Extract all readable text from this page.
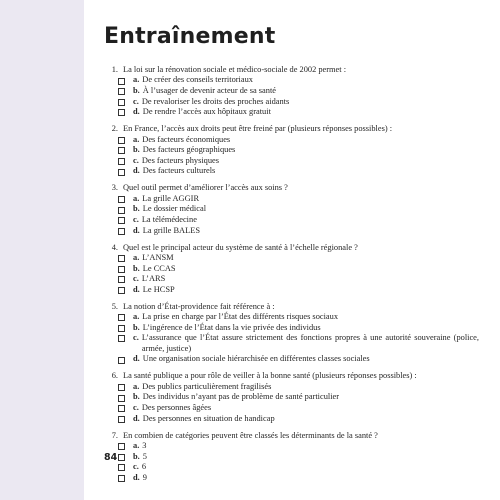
Entraînement
1. La loi sur la rénovation sociale et médico-sociale de 2002 permet :
a. De créer des conseils territoriaux
b. À l’usager de devenir acteur de sa santé
c. De revaloriser les droits des proches aidants
d. De rendre l’accès aux hôpitaux gratuit
2. En France, l’accès aux droits peut être freiné par (plusieurs réponses possibles) :
a. Des facteurs économiques
b. Des facteurs géographiques
c. Des facteurs physiques
d. Des facteurs culturels
3. Quel outil permet d’améliorer l’accès aux soins ?
a. La grille AGGIR
b. Le dossier médical
c. La télémédecine
d. La grille BALES
4. Quel est le principal acteur du système de santé à l’échelle régionale ?
a. L’ANSM
b. Le CCAS
c. L’ARS
d. Le HCSP
5. La notion d’État-providence fait référence à :
a. La prise en charge par l’État des différents risques sociaux
b. L’ingérence de l’État dans la vie privée des individus
c. L’assurance que l’État assure strictement des fonctions propres à une autorité souveraine (police, armée, justice)
d. Une organisation sociale hiérarchisée en différentes classes sociales
6. La santé publique a pour rôle de veiller à la bonne santé (plusieurs réponses possibles) :
a. Des publics particulièrement fragilisés
b. Des individus n’ayant pas de problème de santé particulier
c. Des personnes âgées
d. Des personnes en situation de handicap
7. En combien de catégories peuvent être classés les déterminants de la santé ?
a. 3
b. 5
c. 6
d. 9
84
